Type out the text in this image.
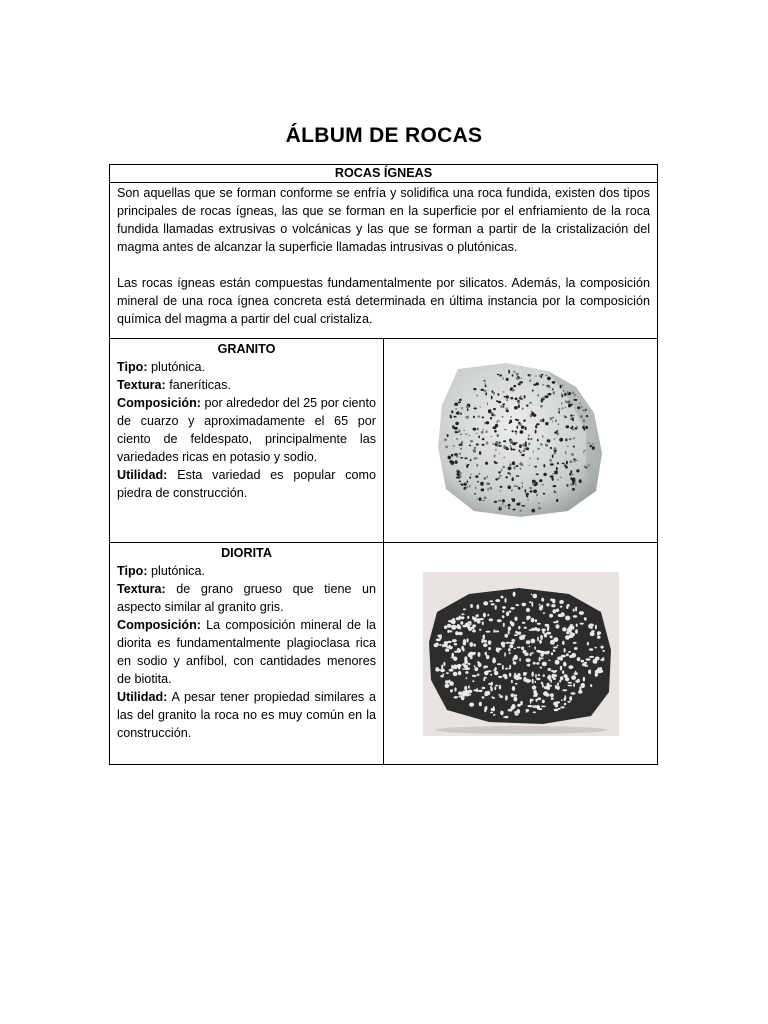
ÁLBUM DE ROCAS
ROCAS ÍGNEAS	

Son aquellas que se forman conforme se enfría y solidifica una roca fundida, existen dos tipos principales de rocas ígneas, las que se forman en la superficie por el enfriamiento de la roca fundida llamadas extrusivas o volcánicas y las que se forman a partir de la cristalización del magma antes de alcanzar la superficie llamadas intrusivas o plutónicas.

Las rocas ígneas están compuestas fundamentalmente por silicatos. Además, la composición mineral de una roca ígnea concreta está determinada en última instancia por la composición química del magma a partir del cual cristaliza.	

GRANITO

Tipo: plutónica.

Textura: faneríticas.

Composición: por alrededor del 25 por ciento de cuarzo y aproximadamente el 65 por ciento de feldespato, principalmente las variedades ricas en potasio y sodio.

Utilidad: Esta variedad es popular como piedra de construcción.

DIORITA

Tipo: plutónica.

Textura: de grano grueso que tiene un aspecto similar al granito gris.

Composición: La composición mineral de la diorita es fundamentalmente plagioclasa rica en sodio y anfíbol, con cantidades menores de biotita.

Utilidad: A pesar tener propiedad similares a las del granito la roca no es muy común en la construcción.
